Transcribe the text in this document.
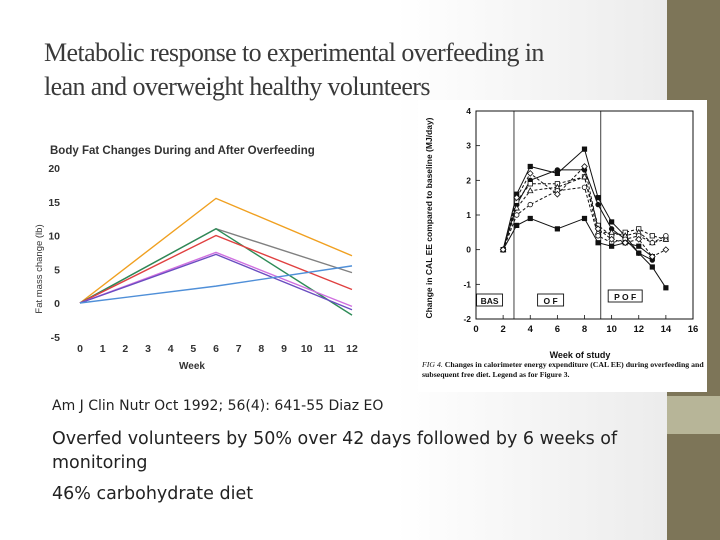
Metabolic response to experimental overfeeding in
lean and overweight healthy volunteers
Body Fat Changes During and After Overfeeding
Week
Fat mass change (lb)
0 1 2 3 4 5 6 7 8 9 10 11 12
20
15
10
5
0
-5
0 2 4 6 8 10 12 14 16
4
3
2
1
0
-1
-2
BAS	O F	P O F
Change in CAL EE compared to baseline (MJ/day)
Week of study
FIG 4. Changes in calorimeter energy expenditure (CAL EE) during overfeeding and subsequent free diet. Legend as for Figure 3.
Am J Clin Nutr Oct 1992; 56(4): 641-55 Diaz EO
Overfed volunteers by 50% over 42 days followed by 6 weeks of monitoring
46% carbohydrate diet
